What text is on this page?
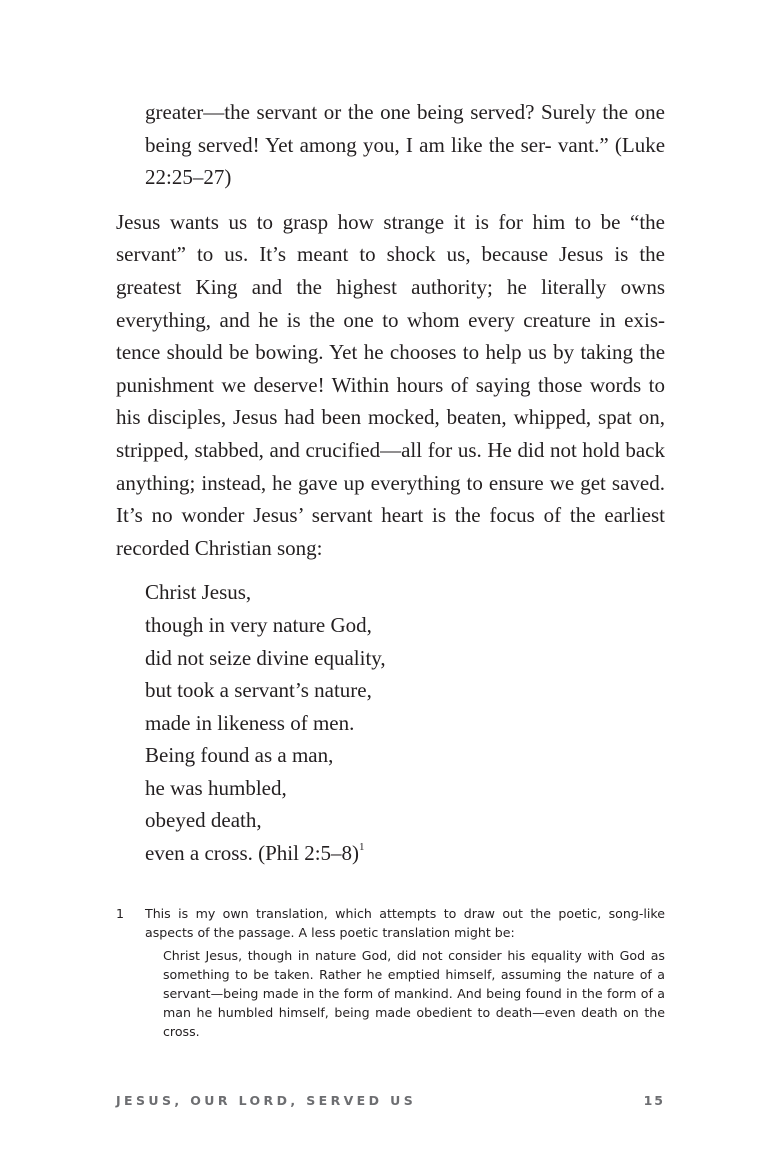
greater—the servant or the one being served? Surely the one being served! Yet among you, I am like the ser- vant.” (Luke 22:25–27)

Jesus wants us to grasp how strange it is for him to be “the servant” to us. It’s meant to shock us, because Jesus is the greatest King and the highest authority; he literally owns everything, and he is the one to whom every creature in exis- tence should be bowing. Yet he chooses to help us by taking the punishment we deserve! Within hours of saying those words to his disciples, Jesus had been mocked, beaten, whipped, spat on, stripped, stabbed, and crucified—all for us. He did not hold back anything; instead, he gave up everything to ensure we get saved. It’s no wonder Jesus’ servant heart is the focus of the earliest recorded Christian song:

Christ Jesus,
though in very nature God,
did not seize divine equality,
but took a servant’s nature,
made in likeness of men.
Being found as a man,
he was humbled,
obeyed death,
even a cross. (Phil 2:5–8)$^1$
1	This is my own translation, which attempts to draw out the poetic, song-like aspects of the passage. A less poetic translation might be:
Christ Jesus, though in nature God, did not consider his equality with God as something to be taken. Rather he emptied himself, assuming the nature of a servant—being made in the form of mankind. And being found in the form of a man he humbled himself, being made obedient to death—even death on the cross.
JESUS, OUR LORD, SERVED US	15
